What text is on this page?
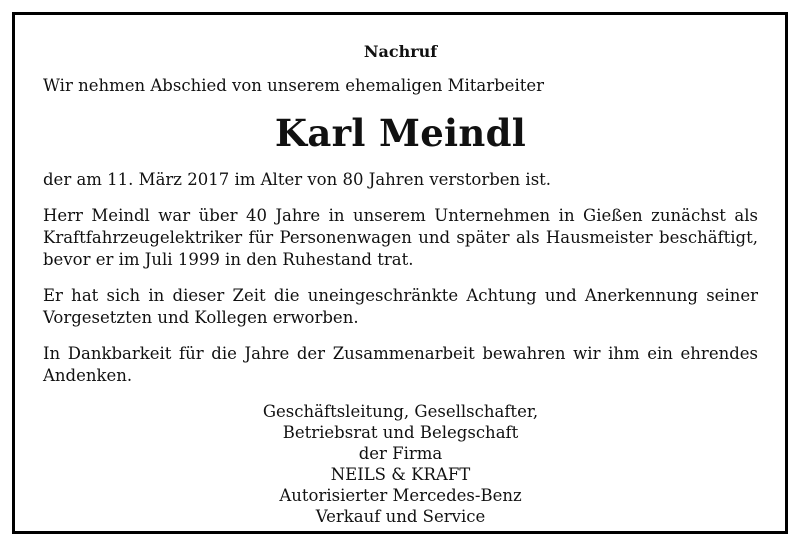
Nachruf

Wir nehmen Abschied von unserem ehemaligen Mitarbeiter

Karl Meindl

der am 11. März 2017 im Alter von 80 Jahren verstorben ist.

Herr Meindl war über 40 Jahre in unserem Unternehmen in Gießen zunächst als Kraftfahrzeugelektriker für Personenwagen und später als Hausmeister beschäftigt, bevor er im Juli 1999 in den Ruhestand trat.

Er hat sich in dieser Zeit die uneingeschränkte Achtung und Anerkennung seiner Vorgesetzten und Kollegen erworben.

In Dankbarkeit für die Jahre der Zusammenarbeit bewahren wir ihm ein ehrendes Andenken.

Geschäftsleitung, Gesellschafter,
Betriebsrat und Belegschaft
der Firma
NEILS & KRAFT
Autorisierter Mercedes-Benz
Verkauf und Service
